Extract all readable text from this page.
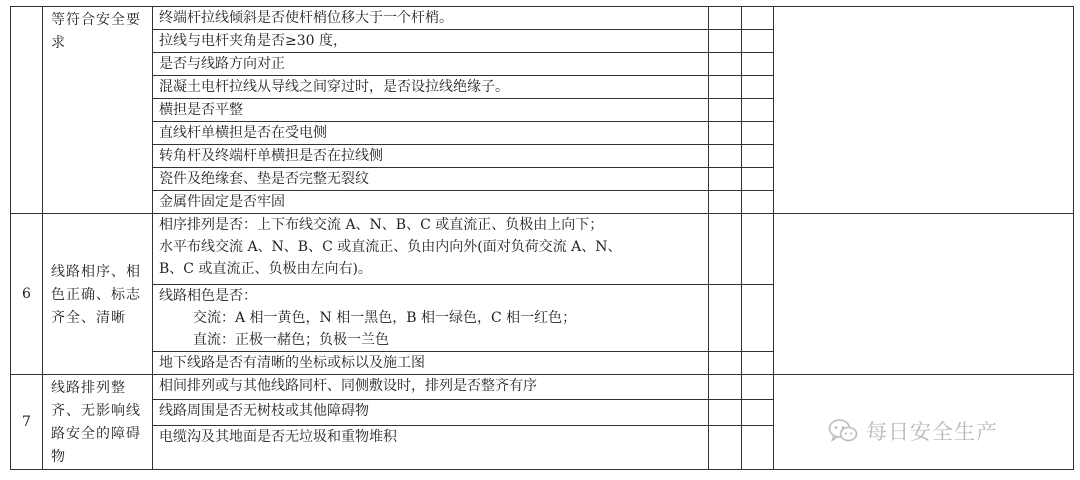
	等符合安全要求	终端杆拉线倾斜是否使杆梢位移大于一个杆梢。			
		拉线与电杆夹角是否≥30 度，			
		是否与线路方向对正			
		混凝土电杆拉线从导线之间穿过时，是否设拉线绝缘子。			
		横担是否平整			
		直线杆单横担是否在受电侧			
		转角杆及终端杆单横担是否在拉线侧			
		瓷件及绝缘套、垫是否完整无裂纹			
		金属件固定是否牢固			
6	线路相序、相色正确、标志齐全、清晰	相序排列是否：上下布线交流 A、N、B、C 或直流正、负极由上向下；
水平布线交流 A、N、B、C 或直流正、负由内向外(面对负荷交流 A、N、
B、C 或直流正、负极由左向右)。			

		线路相色是否：
交流：A 相一黄色，N 相一黑色，B 相一绿色，C 相一红色；
直流：正极一赭色；负极一兰色			

		地下线路是否有清晰的坐标或标以及施工图			
7	线路排列整齐、无影响线路安全的障碍物	相间排列或与其他线路同杆、同侧敷设时，排列是否整齐有序			
		线路周围是否无树枝或其他障碍物			
		电缆沟及其地面是否无垃圾和重物堆积				每日安全生产
